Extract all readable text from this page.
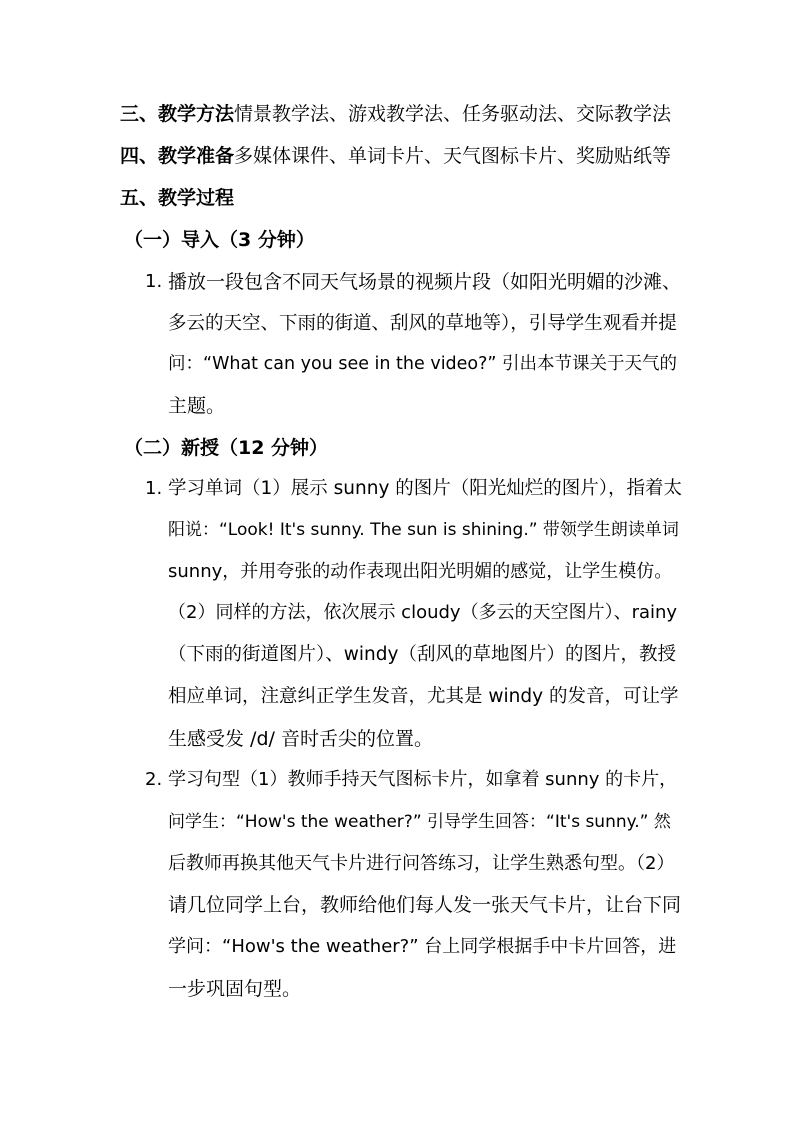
三、教学方法情景教学法、游戏教学法、任务驱动法、交际教学法
四、教学准备多媒体课件、单词卡片、天气图标卡片、奖励贴纸等
五、教学过程
（一）导入（3 分钟）
1. 播放一段包含不同天气场景的视频片段（如阳光明媚的沙滩、
多云的天空、下雨的街道、刮风的草地等），引导学生观看并提
问：“What can you see in the video?” 引出本节课关于天气的
主题。
（二）新授（12 分钟）
1. 学习单词（1）展示 sunny 的图片（阳光灿烂的图片），指着太
阳说：“Look! It's sunny. The sun is shining.” 带领学生朗读单词
sunny，并用夸张的动作表现出阳光明媚的感觉，让学生模仿。
（2）同样的方法，依次展示 cloudy（多云的天空图片）、rainy
（下雨的街道图片）、windy（刮风的草地图片）的图片，教授
相应单词，注意纠正学生发音，尤其是 windy 的发音，可让学
生感受发 /d/ 音时舌尖的位置。
2. 学习句型（1）教师手持天气图标卡片，如拿着 sunny 的卡片，
问学生：“How's the weather?” 引导学生回答：“It's sunny.” 然
后教师再换其他天气卡片进行问答练习，让学生熟悉句型。（2）
请几位同学上台，教师给他们每人发一张天气卡片，让台下同
学问：“How's the weather?” 台上同学根据手中卡片回答，进
一步巩固句型。
